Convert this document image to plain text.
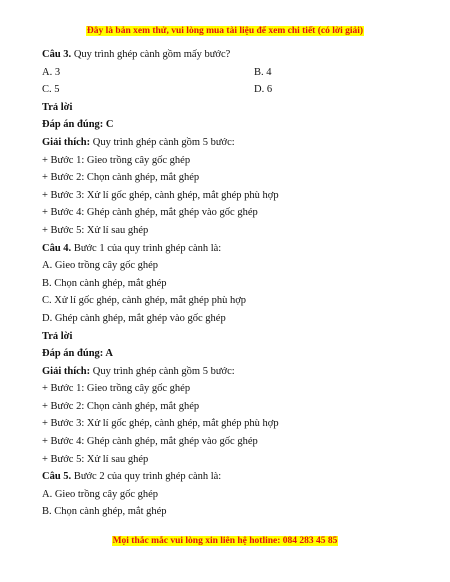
Đây là bản xem thử, vui lòng mua tài liệu để xem chi tiết (có lời giải)
Câu 3. Quy trình ghép cành gồm mấy bước?
A. 3	B. 4
C. 5	D. 6
Trả lời
Đáp án đúng: C
Giải thích: Quy trình ghép cành gồm 5 bước:
+ Bước 1: Gieo trồng cây gốc ghép
+ Bước 2: Chọn cành ghép, mắt ghép
+ Bước 3: Xử lí gốc ghép, cành ghép, mắt ghép phù hợp
+ Bước 4: Ghép cành ghép, mắt ghép vào gốc ghép
+ Bước 5: Xử lí sau ghép
Câu 4. Bước 1 của quy trình ghép cành là:
A. Gieo trồng cây gốc ghép
B. Chọn cành ghép, mắt ghép
C. Xử lí gốc ghép, cành ghép, mắt ghép phù hợp
D. Ghép cành ghép, mắt ghép vào gốc ghép
Trả lời
Đáp án đúng: A
Giải thích: Quy trình ghép cành gồm 5 bước:
+ Bước 1: Gieo trồng cây gốc ghép
+ Bước 2: Chọn cành ghép, mắt ghép
+ Bước 3: Xử lí gốc ghép, cành ghép, mắt ghép phù hợp
+ Bước 4: Ghép cành ghép, mắt ghép vào gốc ghép
+ Bước 5: Xử lí sau ghép
Câu 5. Bước 2 của quy trình ghép cành là:
A. Gieo trồng cây gốc ghép
B. Chọn cành ghép, mắt ghép
Mọi thắc mắc vui lòng xin liên hệ hotline: 084 283 45 85
